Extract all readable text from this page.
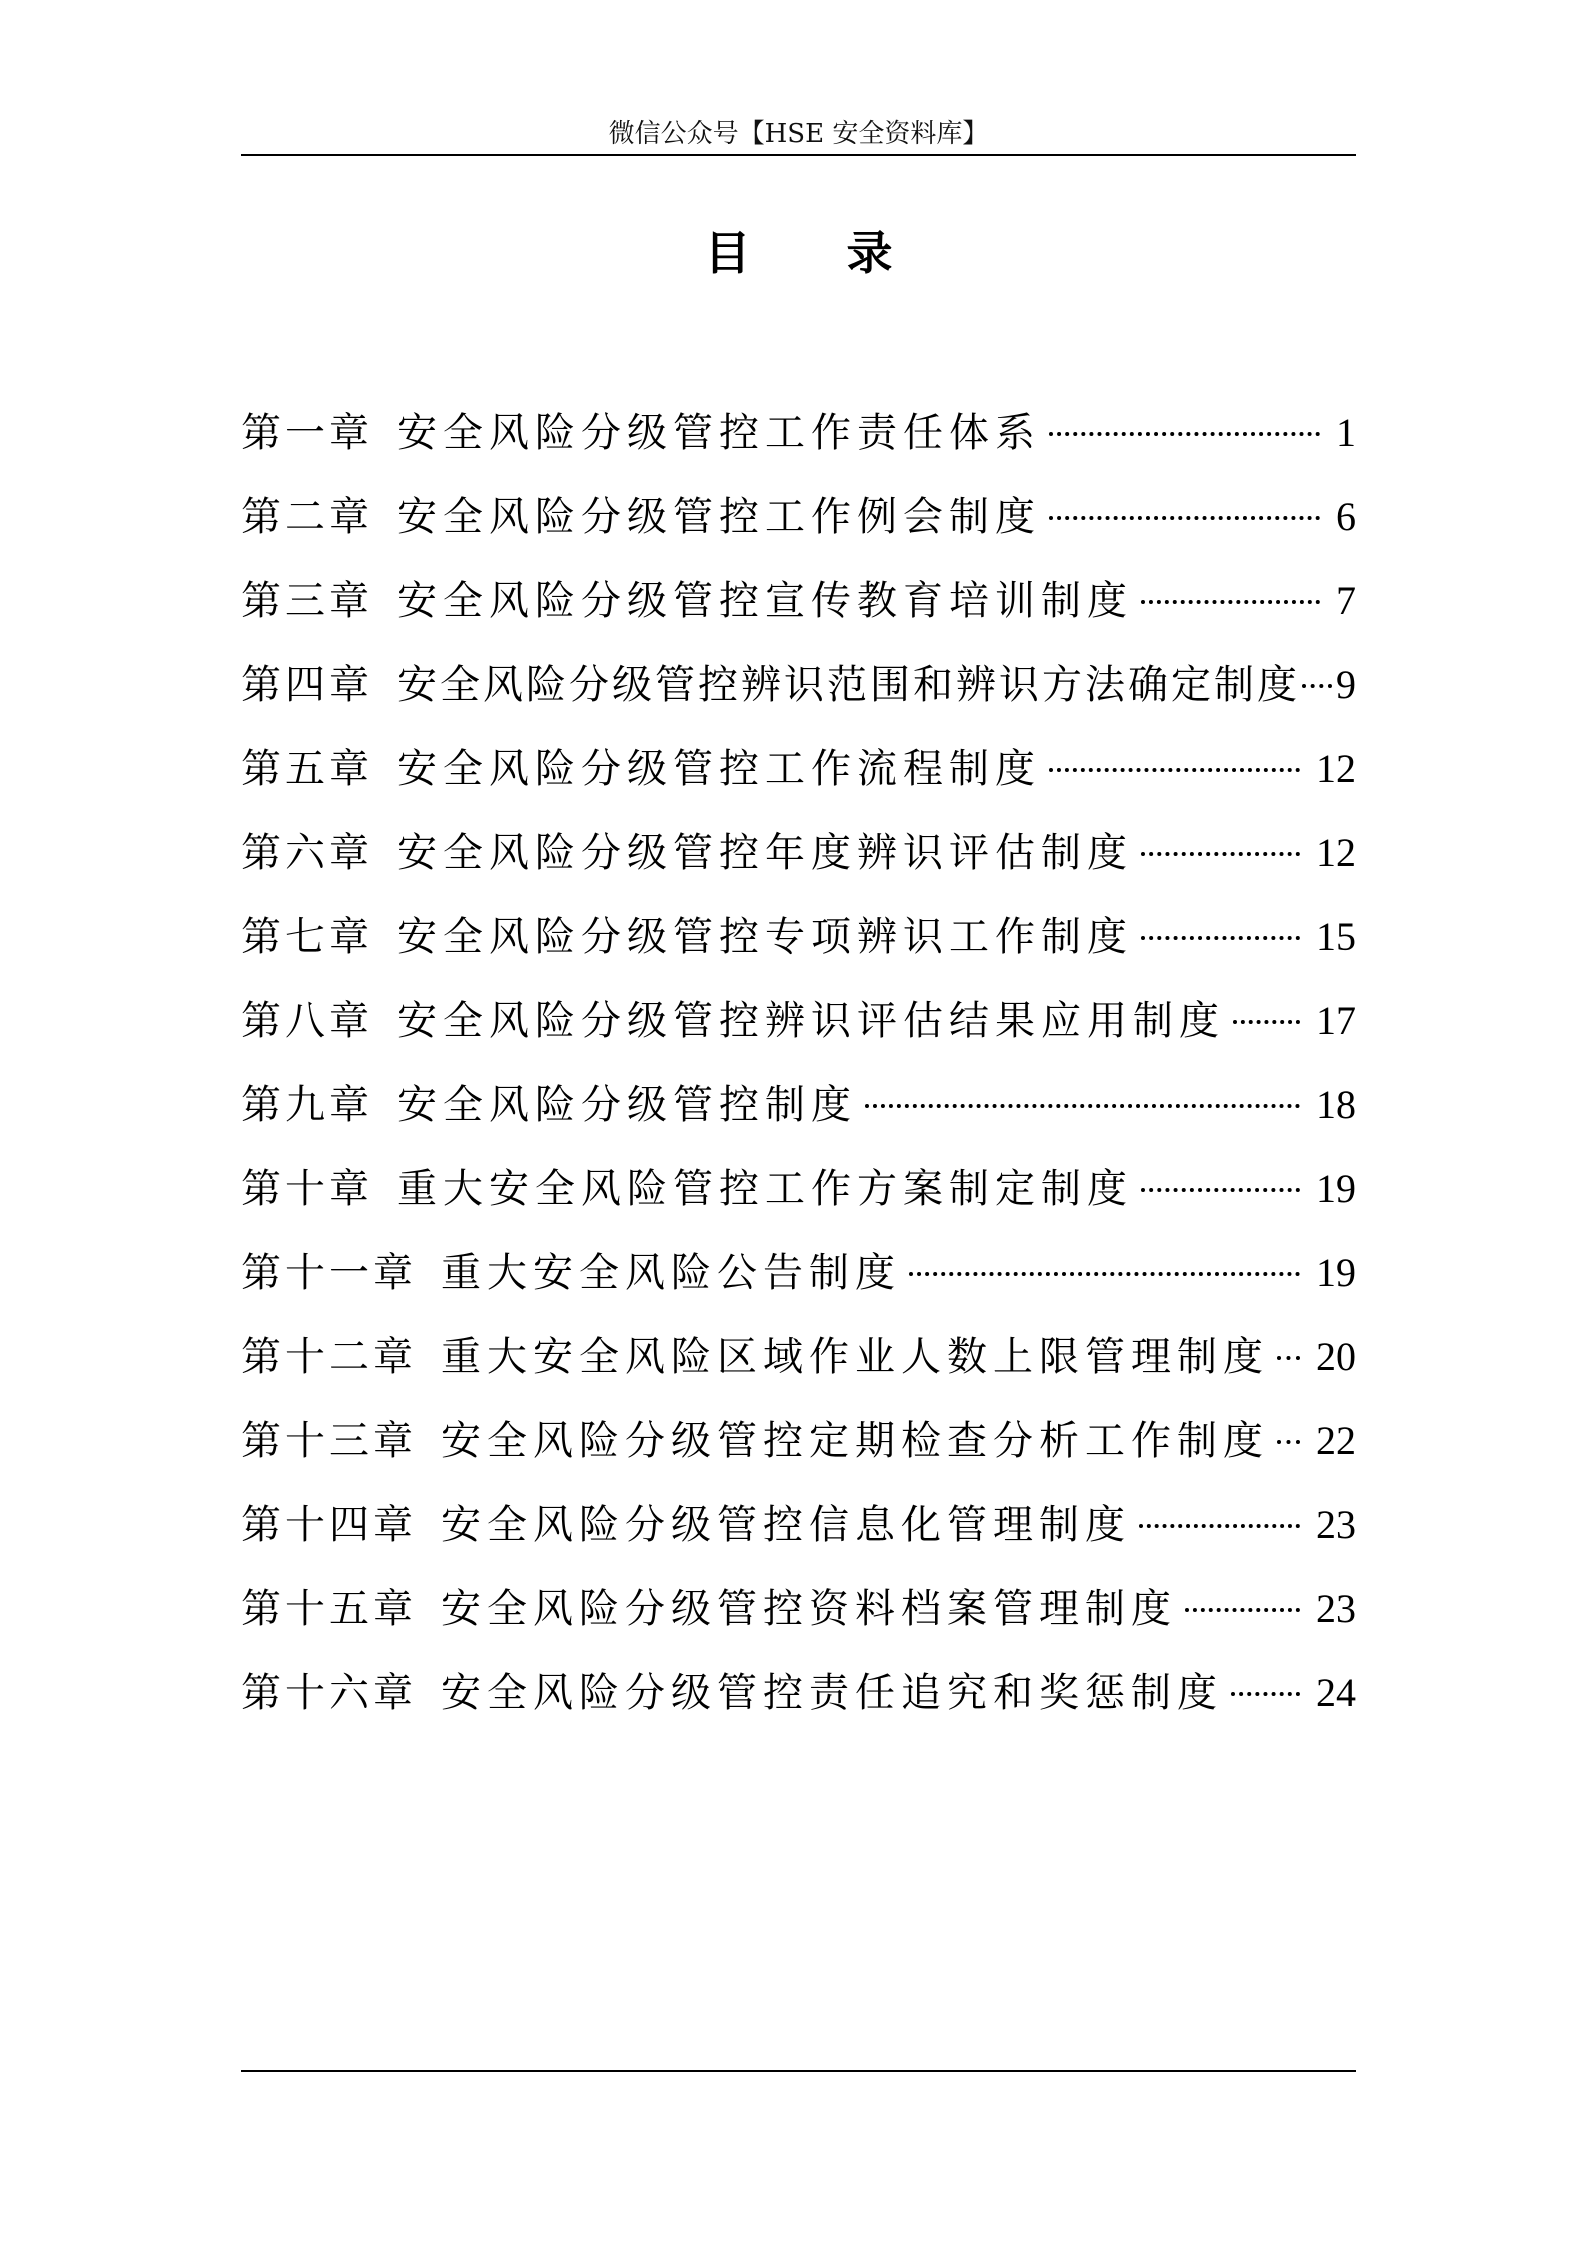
微信公众号【HSE 安全资料库】
目 录
第一章 安全风险分级管控工作责任体系	1
第二章 安全风险分级管控工作例会制度	6
第三章 安全风险分级管控宣传教育培训制度	7
第四章 安全风险分级管控辨识范围和辨识方法确定制度 9
第五章 安全风险分级管控工作流程制度	12
第六章 安全风险分级管控年度辨识评估制度	12
第七章 安全风险分级管控专项辨识工作制度	15
第八章 安全风险分级管控辨识评估结果应用制度 17
第九章 安全风险分级管控制度	18
第十章 重大安全风险管控工作方案制定制度	19
第十一章 重大安全风险公告制度	19
第十二章 重大安全风险区域作业人数上限管理制度 20
第十三章 安全风险分级管控定期检查分析工作制度 22
第十四章 安全风险分级管控信息化管理制度	23
第十五章 安全风险分级管控资料档案管理制度	23
第十六章 安全风险分级管控责任追究和奖惩制度 24
